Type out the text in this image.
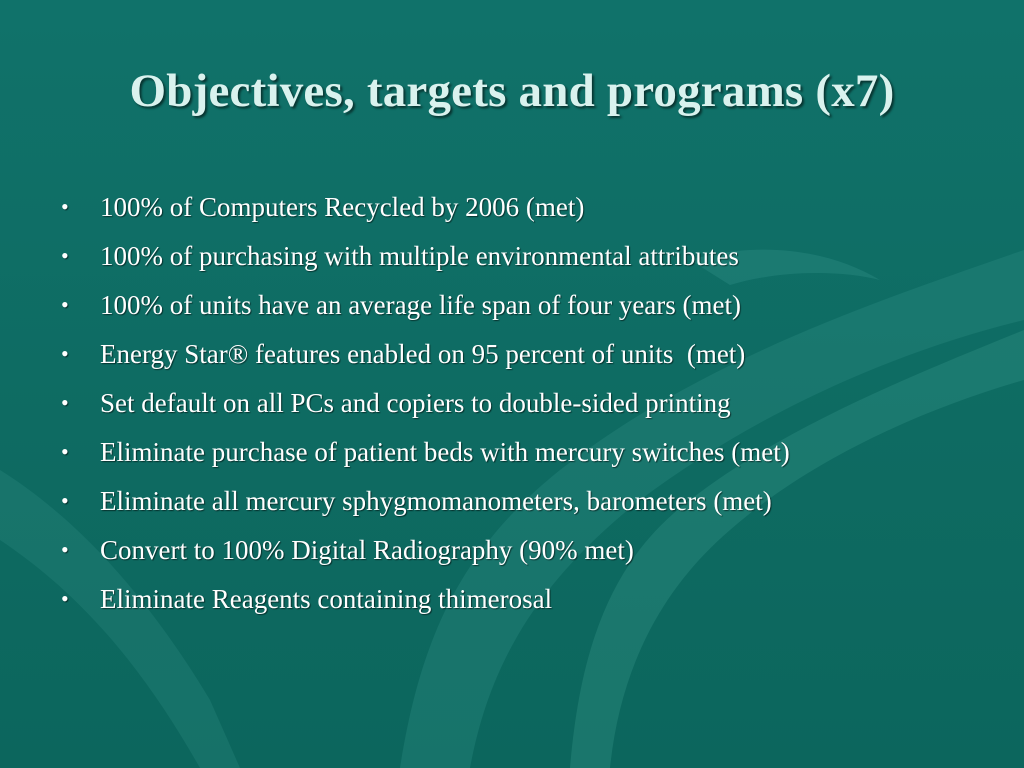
Objectives, targets and programs (x7)
• 100% of Computers Recycled by 2006 (met)
• 100% of purchasing with multiple environmental attributes
• 100% of units have an average life span of four years (met)
• Energy Star® features enabled on 95 percent of units  (met)
• Set default on all PCs and copiers to double-sided printing
• Eliminate purchase of patient beds with mercury switches (met)
• Eliminate all mercury sphygmomanometers, barometers (met)
• Convert to 100% Digital Radiography (90% met)
• Eliminate Reagents containing thimerosal
